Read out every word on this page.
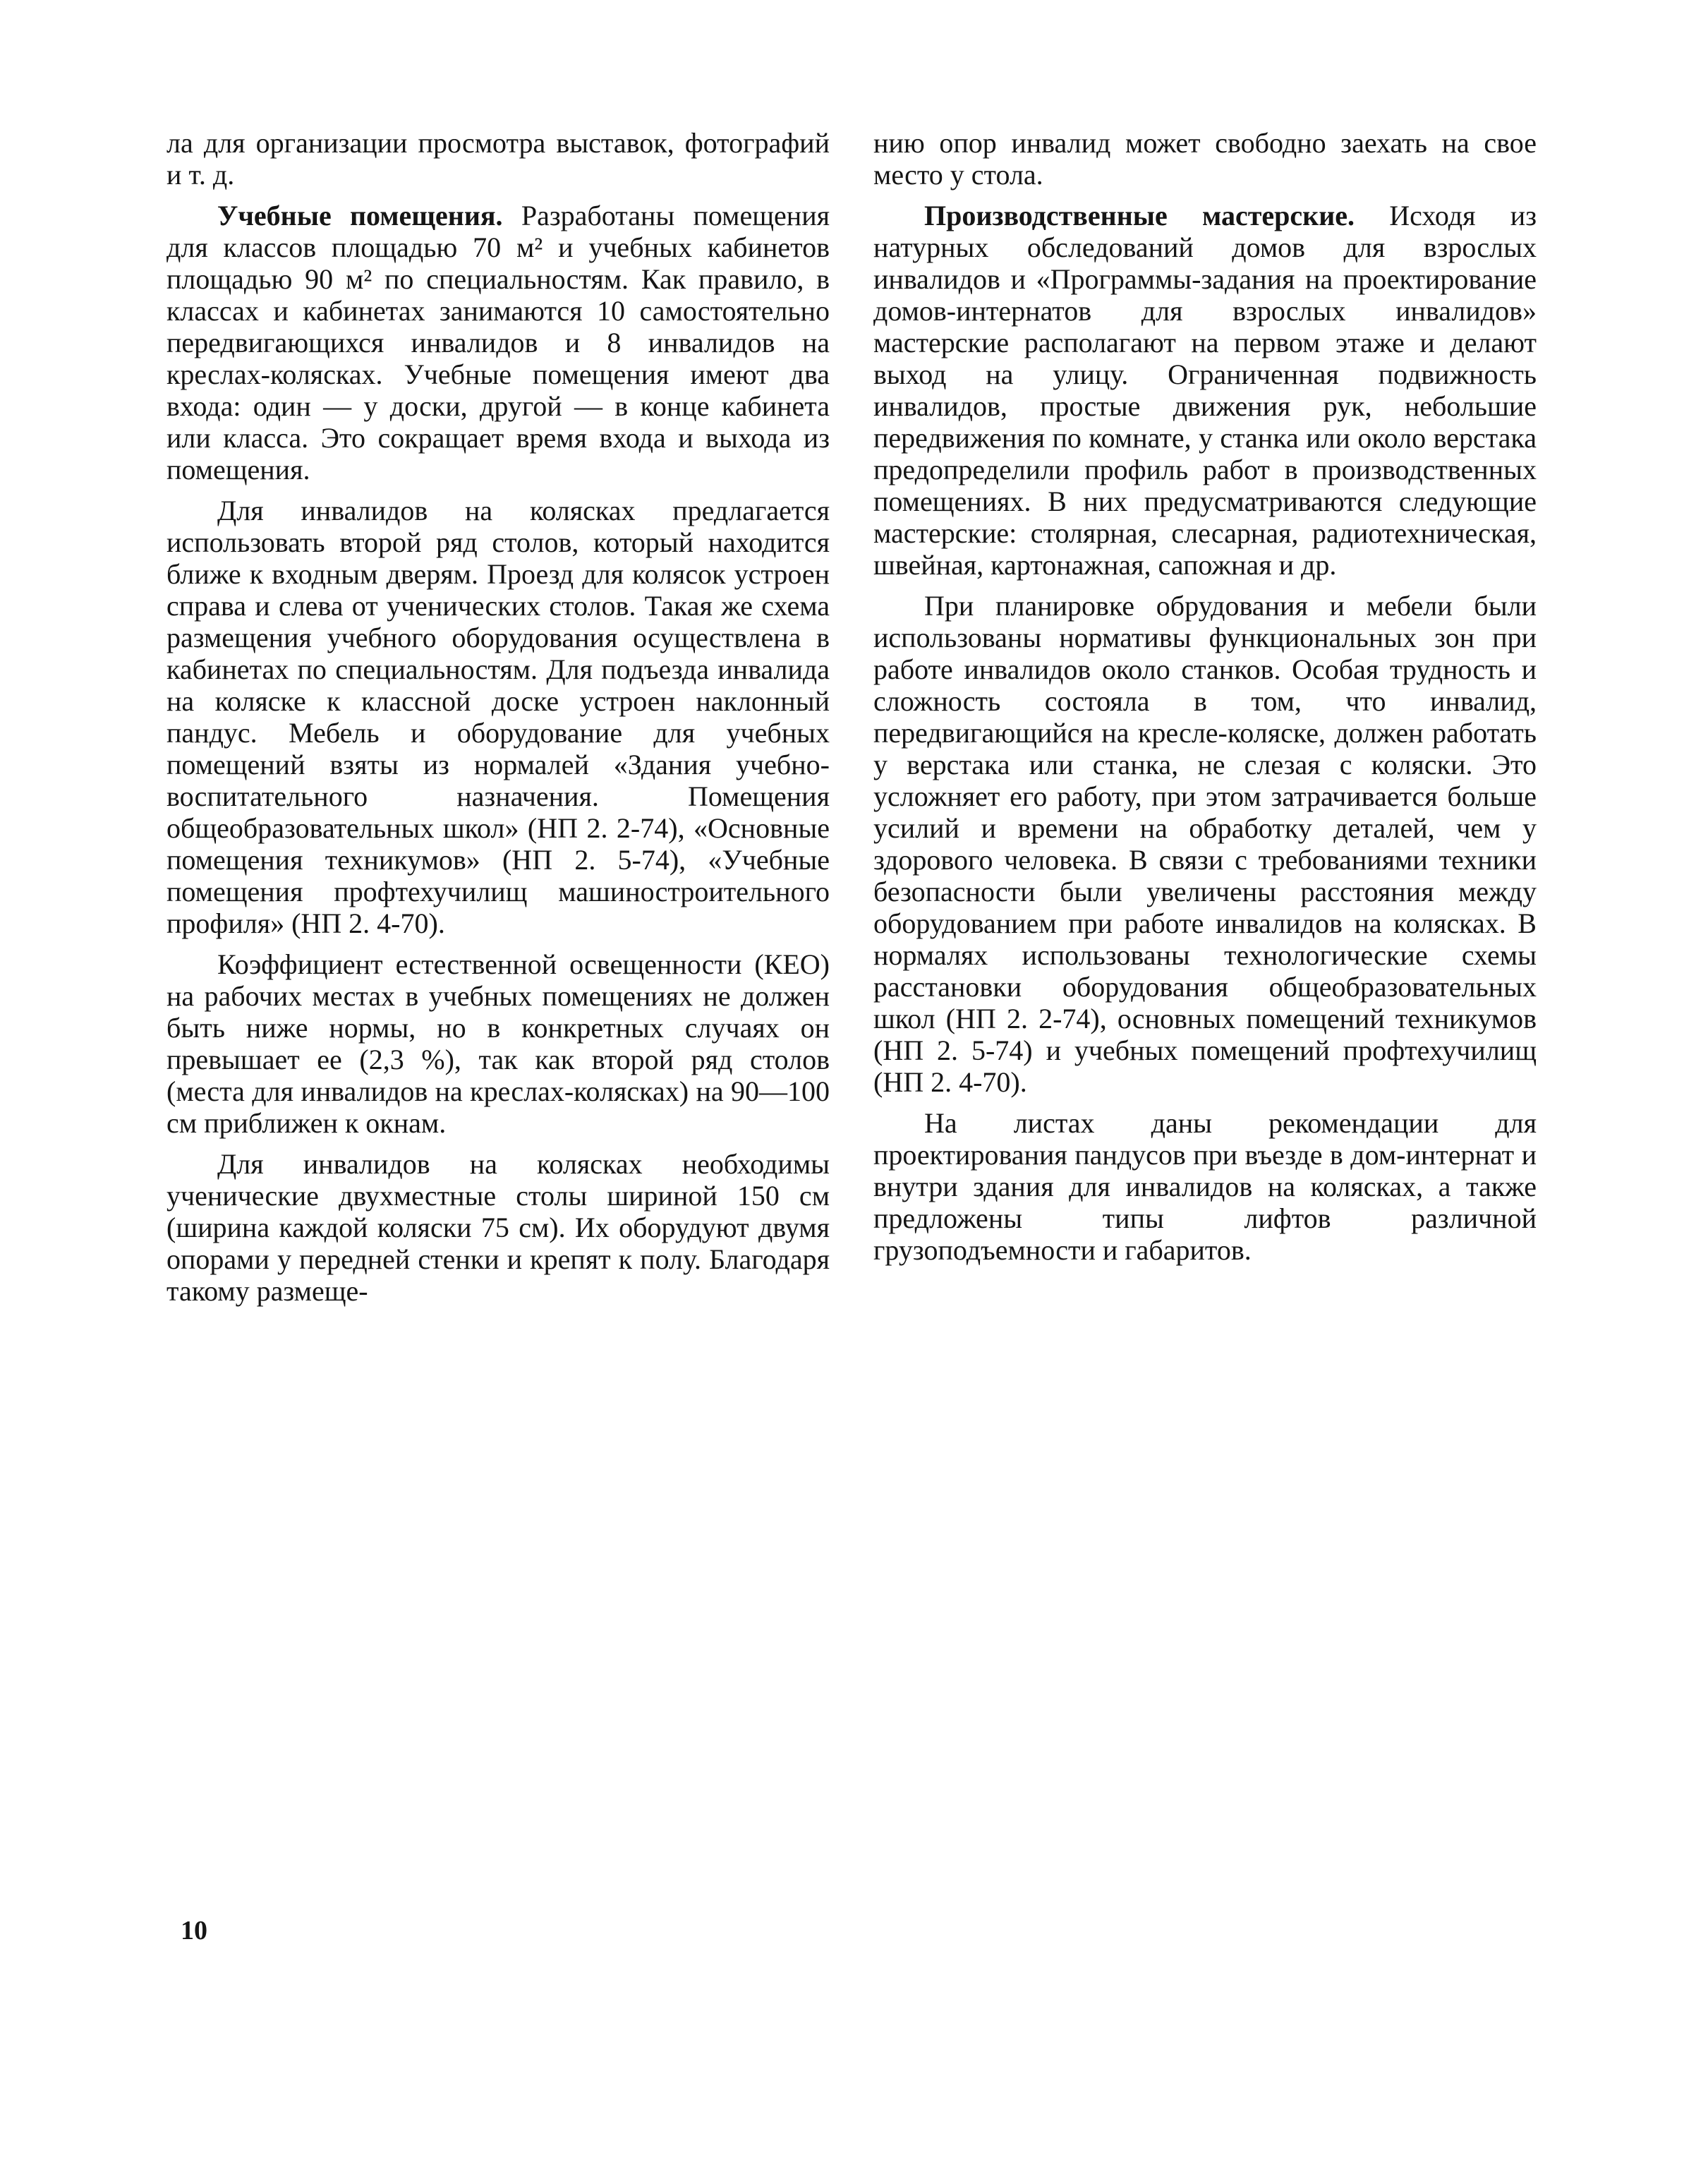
ла для организации просмотра выставок, фотографий и т. д.

Учебные помещения. Разработаны помещения для классов площадью 70 м² и учебных кабинетов площадью 90 м² по специальностям. Как правило, в классах и кабинетах занимаются 10 самостоятельно передвигающихся инвалидов и 8 инвалидов на креслах-колясках. Учебные помещения имеют два входа: один — у доски, другой — в конце кабинета или класса. Это сокращает время входа и выхода из помещения.

Для инвалидов на колясках предлагается использовать второй ряд столов, который находится ближе к входным дверям. Проезд для колясок устроен справа и слева от ученических столов. Такая же схема размещения учебного оборудования осуществлена в кабинетах по специальностям. Для подъезда инвалида на коляске к классной доске устроен наклонный пандус. Мебель и оборудование для учебных помещений взяты из нормалей «Здания учебно-воспитательного назначения. Помещения общеобразовательных школ» (НП 2. 2-74), «Основные помещения техникумов» (НП 2. 5-74), «Учебные помещения профтехучилищ машиностроительного профиля» (НП 2. 4-70).

Коэффициент естественной освещенности (КЕО) на рабочих местах в учебных помещениях не должен быть ниже нормы, но в конкретных случаях он превышает ее (2,3 %), так как второй ряд столов (места для инвалидов на креслах-колясках) на 90—100 см приближен к окнам.

Для инвалидов на колясках необходимы ученические двухместные столы шириной 150 см (ширина каждой коляски 75 см). Их оборудуют двумя опорами у передней стенки и крепят к полу. Благодаря такому размеще-

нию опор инвалид может свободно заехать на свое место у стола.

Производственные мастерские. Исходя из натурных обследований домов для взрослых инвалидов и «Программы-задания на проектирование домов-интернатов для взрослых инвалидов» мастерские располагают на первом этаже и делают выход на улицу. Ограниченная подвижность инвалидов, простые движения рук, небольшие передвижения по комнате, у станка или около верстака предопределили профиль работ в производственных помещениях. В них предусматриваются следующие мастерские: столярная, слесарная, радиотехническая, швейная, картонажная, сапожная и др.

При планировке обрудования и мебели были использованы нормативы функциональных зон при работе инвалидов около станков. Особая трудность и сложность состояла в том, что инвалид, передвигающийся на кресле-коляске, должен работать у верстака или станка, не слезая с коляски. Это усложняет его работу, при этом затрачивается больше усилий и времени на обработку деталей, чем у здорового человека. В связи с требованиями техники безопасности были увеличены расстояния между оборудованием при работе инвалидов на колясках. В нормалях использованы технологические схемы расстановки оборудования общеобразовательных школ (НП 2. 2-74), основных помещений техникумов (НП 2. 5-74) и учебных помещений профтехучилищ (НП 2. 4-70).

На листах даны рекомендации для проектирования пандусов при въезде в дом-интернат и внутри здания для инвалидов на колясках, а также предложены типы лифтов различной грузоподъемности и габаритов.

10
